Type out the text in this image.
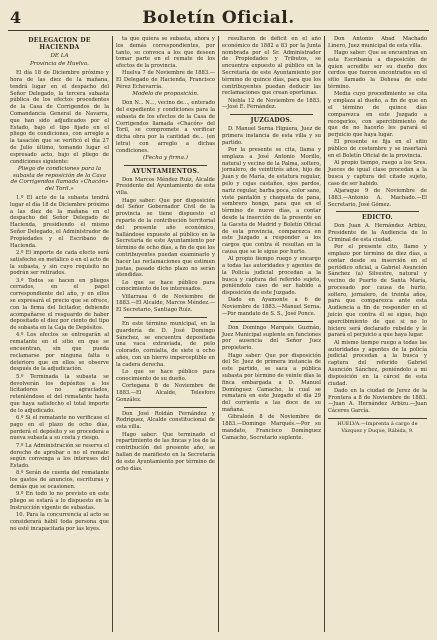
4	Boletín Oficial.
DELEGACION DE HACIENDA
DE LA
Provincia de Huelva.
El día 18 de Diciembre próximo y hora de las diez de la mañana, tendrá lugar en el despacho del Señor Delegado, la tercera subasta pública de los efectos procedentes de la Casa de Corrigendos de la Comandancia General de Navarra, que han sido adjudicados por el Estado, bajo el tipo fijado en el pliego de condiciones, con arreglo a la tasación que se verificó el día 27 de Julio último, tomando lugar el espresado acto, bajo el pliego de condiciones siguiente:
Pliego de condiciones para la subasta de reposición de la Casa de Corrigendos llamada «Chacón» del Toril.»
1.º El acto de la subasta tendrá lugar el día 18 de Diciembre próximo a las diez de la mañana en el despacho del Señor Delegado de Hacienda, presidiendo el mismo Señor Delegado, el Administrador de Propiedades y el Escribano de Hacienda.
2.º El importe de cada efecto será satisfecho en metálico o en el acto de la subasta, y sin cuyo requisito no podrán ser retirados.
3.º Todos se hacen en pliegos cerrados, en el papel correspondiente del año, y en ellos se expresará el precio que se ofrece, con la firma del licitador, debiendo acompañarse el resguardo de haber depositado el diez por ciento del tipo de subasta en la Caja de Depósitos.
4.º Los efectos se entregarán al rematante en el sitio en que se encuentran, sin que pueda reclamarse por ninguna falta o deterioro que en ellos se observe después de la adjudicación.
5.º Terminada la subasta se devolverán los depósitos a los licitadores no agraciados, reteniéndose el del rematante hasta que haya satisfecho el total importe de lo adjudicado.
6.º Si el rematante no verificase el pago en el plazo de ocho días, perderá el depósito y se procederá a nueva subasta a su costa y riesgo.
7.º La Administración se reserva el derecho de aprobar o no el remate según convenga a los intereses del Estado.
8.º Serán de cuenta del rematante los gastos de anuncios, escrituras y demás que se ocasionen.
9.º En todo lo no previsto en este pliego se estará a lo dispuesto en la Instrucción vigente de subastas.
10. Para la concurrencia al acto se considerará hábil toda persona que no esté incapacitada por las leyes.
ta que quiera se subasta, ahora y los demás correspondientes, por tanto, se convoca a los que deseen tomar parte en el remate de los efectos de la provincia.
Huelva 7 de Noviembre de 1883.—El Delegado de Hacienda, Francisco Pérez Echevarría.
Modelo de proposición.
Don N... N..., vecino de..., enterado del expediente y condiciones para la subasta de los efectos de la Casa de Corrigendos llamada «Chacón» del Toril, se compromete a verificar dicha obra por la cantidad de... (en letra) con arreglo a dichas condiciones.
(Fecha y firma.)
AYUNTAMIENTOS.
Don Marcos Méndez Ruiz, Alcalde Presidente del Ayuntamiento de esta villa.
Hago saber: Que por disposición del Señor Gobernador Civil de la provincia se tiene dispuesto el reparto de la contribución territorial del presente año económico, hallándose expuesto al público en la Secretaría de este Ayuntamiento por término de ocho días, a fin de que los contribuyentes puedan examinarlo y hacer las reclamaciones que estimen justas, pasado dicho plazo no serán atendidas.
Lo que se hace público para conocimiento de los interesados.
Villarrasa 6 de Noviembre de 1883.—El Alcalde, Marcos Méndez.—El Secretario, Santiago Ruiz.
En este término municipal, en la guardería de D. José Domingo Sánchez, se encuentra depositada una vaca extraviada, de pelo colorado, cornialta, de siete u ocho años, con un hierro imperceptible en la cadera derecha.
Lo que se hace público para conocimiento de su dueño.
Cortegana 8 de Noviembre de 1883.—El Alcalde, Telesforo González.
Don José Roldán Fernández y Rodríguez, Alcalde constitucional de esta villa.
Hago saber: Que terminado el repartimiento de las fincas y los de la contribución del presente año, se hallan de manifiesto en la Secretaría de este Ayuntamiento por término de ocho días.
resultaron de déficit en el año económico de 1882 a 83 por la Junta nombrada por el Sr. Administrador de Propiedades y Tributos, se encuentra expuesto al público en la Secretaría de este Ayuntamiento por término de quince días, para que los contribuyentes puedan deducir las reclamaciones que crean oportunas.
Niebla 12 de Noviembre de 1883.—José E. Fernández.
JUZGADOS.
D. Manuel Serna Higuera, Juez de primera instancia de esta villa y su partido.
Por la presente se cita, llama y emplaza a José Antonio Morillo, natural y vecino de la Palma, soltero, jornalero, de veintitrés años, hijo de Juan y de María, de estatura regular, pelo y cejas castaños, ojos pardos, nariz regular, barba poca, color sano, viste pantalón y chaqueta de pana, sombrero hongo, para que en el término de nueve días, a contar desde la inserción de la presente en la Gaceta de Madrid y Boletín Oficial de esta provincia, comparezca en este Juzgado a responder a los cargos que contra él resultan en la causa que se le sigue por hurto.
Al propio tiempo ruego y encargo a todas las autoridades y agentes de la Policía judicial procedan a la busca y captura del referido sujeto, poniéndolo caso de ser habido a disposición de este Juzgado.
Dado en Ayamonte a 6 de Noviembre de 1883.—Manuel Serna.—Por mandato de S. S., José Ponce.
Don Domingo Marqués Guzmán, Juez Municipal suplente en funciones por ausencia del Señor Juez propietario.
Hago saber: Que por disposición del Sr. Juez de primera instancia de este partido, se saca a pública subasta por término de veinte días la finca embargada a D. Manuel Domínguez Camacho, la cual se rematará en este Juzgado el día 29 del corriente a las doce de su mañana.
Gibraleón 8 de Noviembre de 1883.—Domingo Marqués.—Por su mandato, Francisco Domínguez Camacho, Secretario suplente.
Don Antonio Abad Machado Linero, Juez municipal de esta villa.
Hago saber: Que se encuentran en esta Escribanía a disposición de quien acredite ser su dueño dos cerdos que fueron encontrados en el sitio llamado la Dehesa de este término.
Media cuyo procedimiento se cita y emplaza al dueño, a fin de que en el término de quince días comparezca en este Juzgado a recogerlos, con apercibimiento de que de no hacerlo les parará el perjuicio que haya lugar.
El presente se fija en el sitio público de costumbre y se insertará en el Boletín Oficial de la provincia.
Al propio tiempo, ruego a los Sres. Jueces de igual clase procedan a la busca y captura del citado sujeto, caso de ser habido.
Aljaraque 9 de Noviembre de 1883.—Antonio A. Machado.—El Secretario, José Gómez.
EDICTO.
Don Juan A. Hernández Arbizu, Presidente de la Audiencia de lo Criminal de esta ciudad.
Por el presente cito, llamo y emplazo por término de diez días, a contar desde su inserción en el periódico oficial, a Gabriel Asunción Sánchez (a) Silvestre, natural y vecino de Puerto de Santa María, procesado por causa de hurto, soltero, jornalero, de treinta años, para que comparezca ante esta Audiencia a fin de responder en el juicio que contra él se sigue, bajo apercibimiento de que si no lo hiciere será declarado rebelde y le parará el perjuicio a que haya lugar.
Al mismo tiempo ruego a todas las autoridades y agentes de la policía judicial procedan a la busca y captura del referido Gabriel Asunción Sánchez, poniéndolo a mi disposición en la cárcel de esta ciudad.
Dado en la ciudad de Jerez de la Frontera a 8 de Noviembre de 1883.—Juan A. Hernández Arbizu.—Juan Cáceres García.
HUELVA.—Imprenta á cargo de Vázquez y Duque, Rábida, 9.
